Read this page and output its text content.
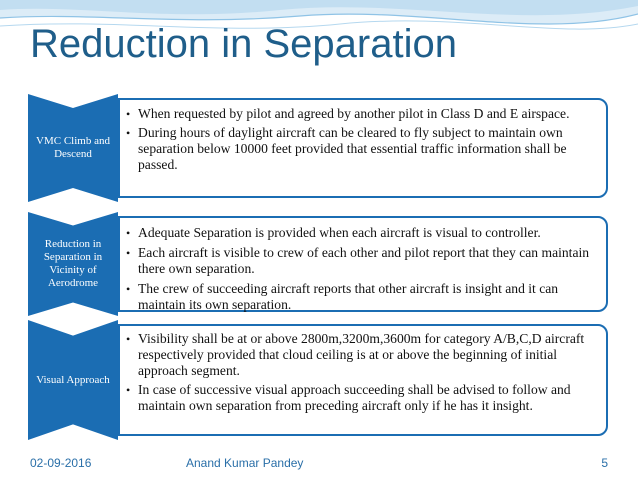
Reduction in Separation
VMC Climb and Descend
• When requested by pilot and agreed by another pilot in Class D and E airspace.
• During hours of daylight aircraft can be cleared to fly subject to maintain own separation below 10000 feet provided that essential traffic information shall be passed.
Reduction in Separation in Vicinity of Aerodrome
• Adequate Separation is provided when each aircraft is visual to controller.
• Each aircraft is visible to crew of each other and pilot report that they can maintain there own separation.
• The crew of succeeding aircraft reports that other aircraft is insight and it can maintain its own separation.
Visual Approach
• Visibility shall be at or above 2800m,3200m,3600m for category A/B,C,D aircraft respectively provided that cloud ceiling is at or above the beginning of initial approach segment.
• In case of successive visual approach succeeding shall be advised to follow and maintain own separation from preceding aircraft only if he has it insight.
02-09-2016	Anand Kumar Pandey	5
